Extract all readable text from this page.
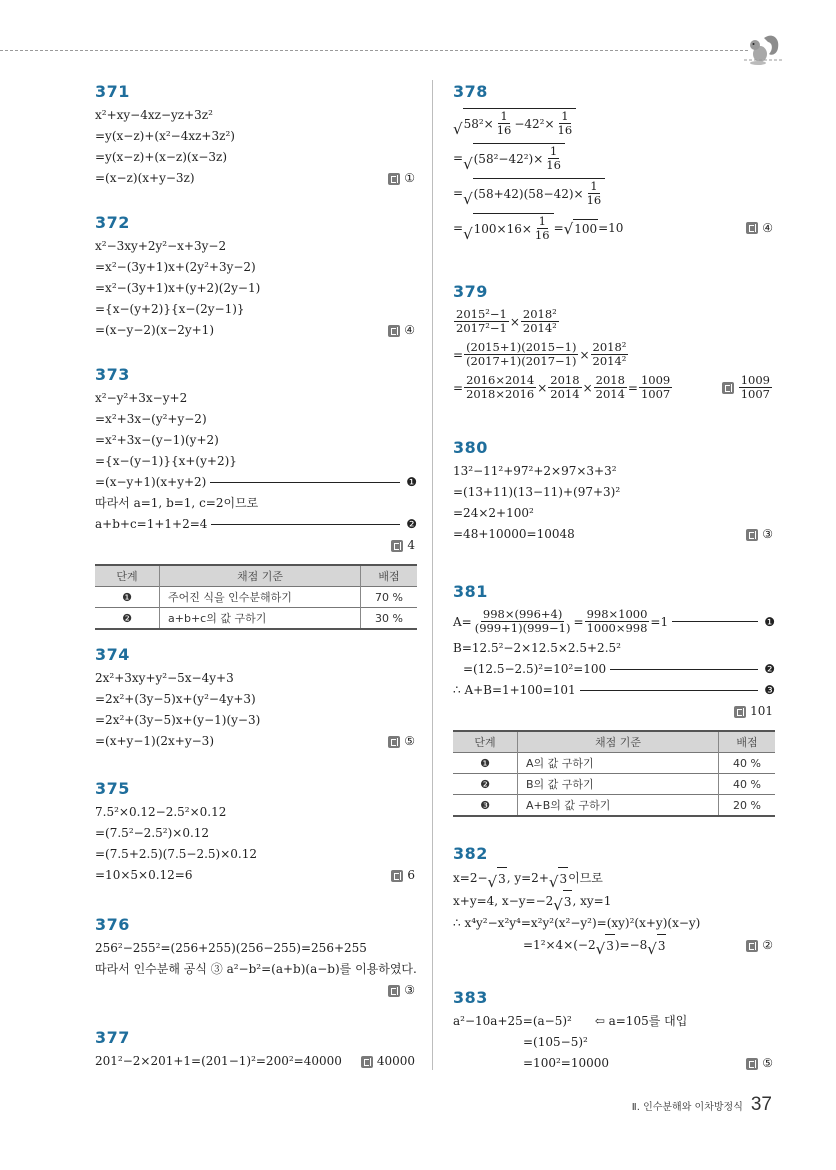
371
x²+xy−4xz−yz+3z²
=y(x−z)+(x²−4xz+3z²)
=y(x−z)+(x−z)(x−3z)
=(x−z)(x+y−3z)	①
372
x²−3xy+2y²−x+3y−2
=x²−(3y+1)x+(2y²+3y−2)
=x²−(3y+1)x+(y+2)(2y−1)
={x−(y+2)}{x−(2y−1)}
=(x−y−2)(x−2y+1)	④
373
x²−y²+3x−y+2
=x²+3x−(y²+y−2)
=x²+3x−(y−1)(y+2)
={x−(y−1)}{x+(y+2)}
=(x−y+1)(x+y+2)	❶
따라서 a=1, b=1, c=2이므로
a+b+c=1+1+2=4	❷
4
단계	채점 기준	배점
❶	주어진 식을 인수분해하기	70 %
❷	a+b+c의 값 구하기	30 %
374
2x²+3xy+y²−5x−4y+3
=2x²+(3y−5)x+(y²−4y+3)
=2x²+(3y−5)x+(y−1)(y−3)
=(x+y−1)(2x+y−3)	⑤
375
7.5²×0.12−2.5²×0.12
=(7.5²−2.5²)×0.12
=(7.5+2.5)(7.5−2.5)×0.12
=10×5×0.12=6	6
376
256²−255²=(256+255)(256−255)=256+255
따라서 인수분해 공식 ③ a²−b²=(a+b)(a−b)를 이용하였다.
③
377
201²−2×201+1=(201−1)²=200²=40000	40000
378
√ $58^2\times \frac{1}{16} -42^2\times \frac{1}{16}$
= √ $(58^2-42^2)\times \frac{1}{16}$
= √ $(58+42)(58-42)\times \frac{1}{16}$
= √ $100\times 16\times \frac{1}{16}$ = √ 100 =10	④
379
$\frac{\text{2015²−1}}{\text{2017²−1}} \times \frac{\text{2018²}}{\text{2014²}}$
= $\frac{(2015+1)(2015-1)}{(2017+1)(2017-1)} \times \frac{\text{2018²}}{\text{2014²}}$
= $\frac{2016\times 2014}{2018\times 2016} \times \frac{2018}{2014} \times \frac{2018}{2014} = \frac{1009}{1007}$	$\frac{1009}{1007}$
380
13²−11²+97²+2×97×3+3²
=(13+11)(13−11)+(97+3)²
=24×2+100²
=48+10000=10048	③
381
$A= \frac{998\times(996+4)}{(999+1)(999-1)} = \frac{998\times 1000}{1000\times 998} =1$	❶
B=12.5²−2×12.5×2.5+2.5²
=(12.5−2.5)²=10²=100	❷
∴ A+B=1+100=101	❸
101
단계	채점 기준	배점
❶	A의 값 구하기	40 %
❷	B의 값 구하기	40 %
❸	A+B의 값 구하기	20 %
382
x=2− √ 3 , y=2+ √ 3 이므로
x+y=4, x−y=−2 √ 3 , xy=1
∴ x⁴y²−x²y⁴=x²y²(x²−y²)=(xy)²(x+y)(x−y)
=1²×4×(−2 √ 3 )=−8 √ 3	②
383
a²−10a+25=(a−5)² ⇦ a=105를 대입
=(105−5)²
=100²=10000	⑤
Ⅱ. 인수분해와 이차방정식 37
